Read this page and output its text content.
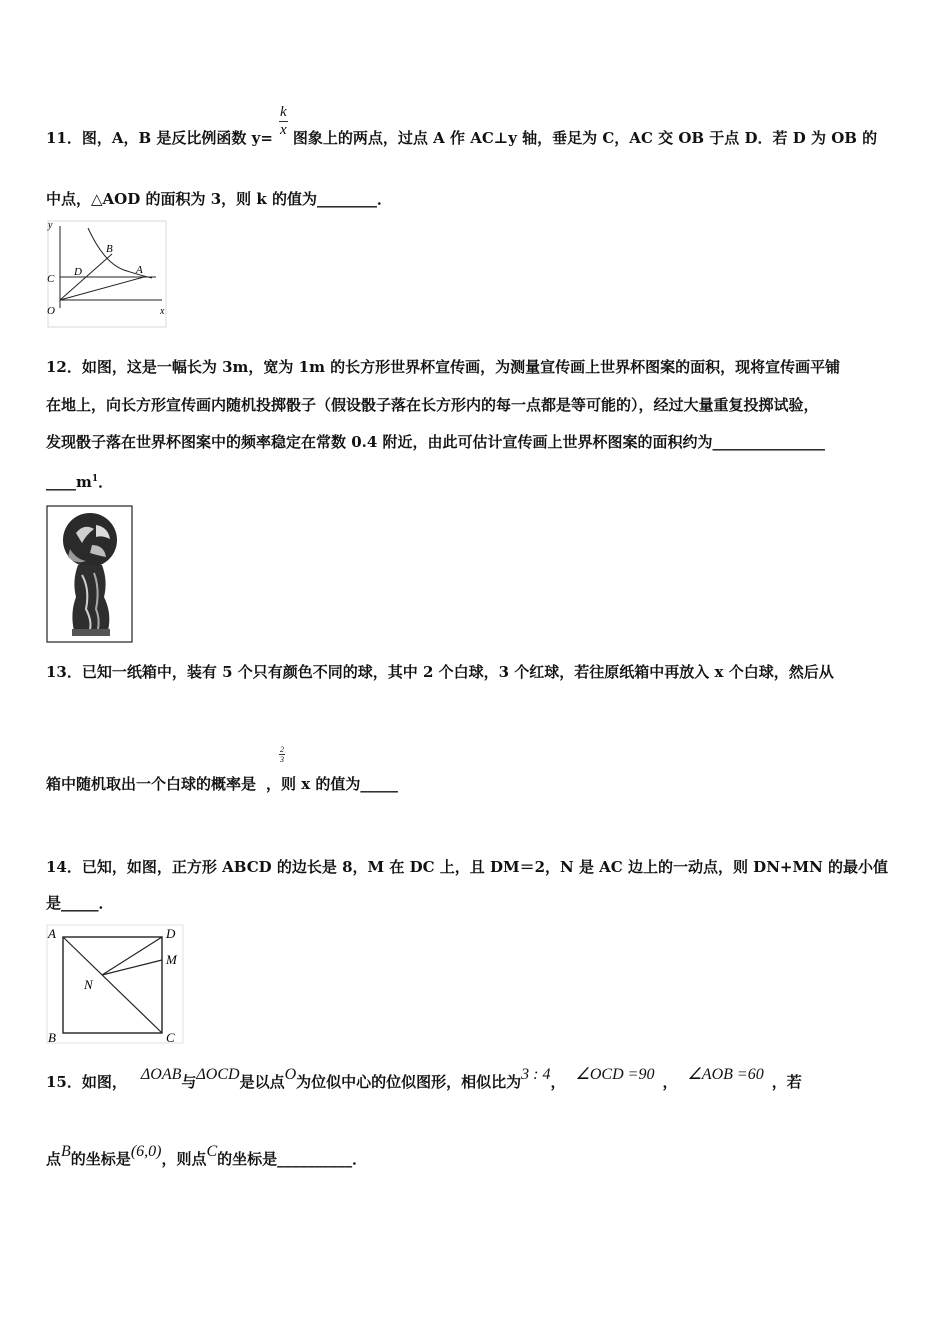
11．图，A，B 是反比例函数 y= 图象上的两点，过点 A 作 AC⊥y 轴，垂足为 C，AC 交 OB 于点 D．若 D 为 OB 的
$\frac{k}{x}$
中点，△AOD 的面积为 3，则 k 的值为________．
y
x
O
C
D
B
A
12．如图，这是一幅长为 3m，宽为 1m 的长方形世界杯宣传画，为测量宣传画上世界杯图案的面积，现将宣传画平铺
在地上，向长方形宣传画内随机投掷骰子（假设骰子落在长方形内的每一点都是等可能的），经过大量重复投掷试验，
发现骰子落在世界杯图案中的频率稳定在常数 0.4 附近，由此可估计宣传画上世界杯图案的面积约为_______________
$\_\_\_\_m^1$．
13．已知一纸箱中，装有 5 个只有颜色不同的球，其中 2 个白球，3 个红球，若往原纸箱中再放入 x 个白球，然后从
$\frac{2}{3}$
箱中随机取出一个白球的概率是 ，则 x 的值为_____
14．已知，如图，正方形 ABCD 的边长是 8，M 在 DC 上，且 DM＝2，N 是 AC 边上的一动点，则 DN+MN 的最小值
是_____．
A
B	C
D
M
N
15．如图， ΔOAB与ΔOCD是以点O为位似中心的位似图形，相似比为3 : 4， ∠OCD =90 ， ∠AOB =60 ，若
点B的坐标是(6,0)，则点C的坐标是__________．
